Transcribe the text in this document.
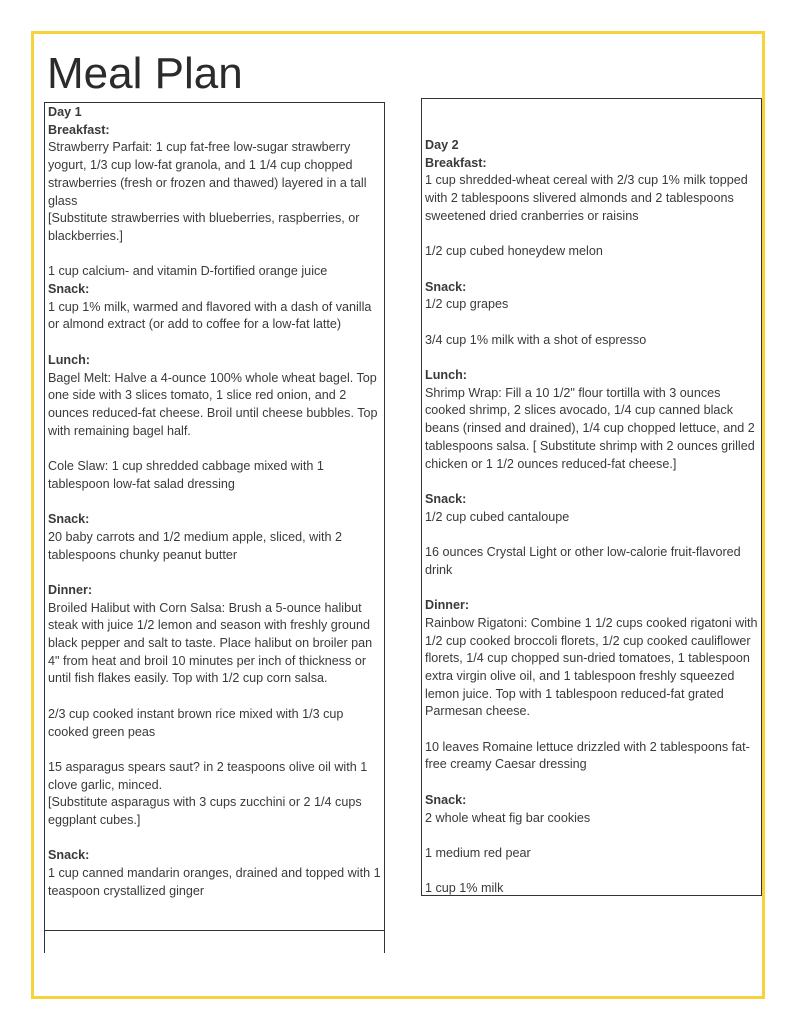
Meal Plan

Day 1

Breakfast:

Strawberry Parfait: 1 cup fat-free low-sugar strawberry yogurt, 1/3 cup low-fat granola, and 1 1/4 cup chopped strawberries (fresh or frozen and thawed) layered in a tall glass

[Substitute strawberries with blueberries, raspberries, or blackberries.]

1 cup calcium- and vitamin D-fortified orange juice

Snack:

1 cup 1% milk, warmed and flavored with a dash of vanilla or almond extract (or add to coffee for a low-fat latte)

Lunch:

Bagel Melt: Halve a 4-ounce 100% whole wheat bagel. Top one side with 3 slices tomato, 1 slice red onion, and 2 ounces reduced-fat cheese. Broil until cheese bubbles. Top with remaining bagel half.

Cole Slaw: 1 cup shredded cabbage mixed with 1 tablespoon low-fat salad dressing

Snack:

20 baby carrots and 1/2 medium apple, sliced, with 2 tablespoons chunky peanut butter

Dinner:

Broiled Halibut with Corn Salsa: Brush a 5-ounce halibut steak with juice 1/2 lemon and season with freshly ground black pepper and salt to taste. Place halibut on broiler pan 4" from heat and broil 10 minutes per inch of thickness or until fish flakes easily. Top with 1/2 cup corn salsa.

2/3 cup cooked instant brown rice mixed with 1/3 cup cooked green peas

15 asparagus spears saut? in 2 teaspoons olive oil with 1 clove garlic, minced.

[Substitute asparagus with 3 cups zucchini or 2 1/4 cups eggplant cubes.]

Snack:

1 cup canned mandarin oranges, drained and topped with 1 teaspoon crystallized ginger

Day 2

Breakfast:

1 cup shredded-wheat cereal with 2/3 cup 1% milk topped with 2 tablespoons slivered almonds and 2 tablespoons sweetened dried cranberries or raisins

1/2 cup cubed honeydew melon

Snack:

1/2 cup grapes

3/4 cup 1% milk with a shot of espresso

Lunch:

Shrimp Wrap: Fill a 10 1/2" flour tortilla with 3 ounces cooked shrimp, 2 slices avocado, 1/4 cup canned black beans (rinsed and drained), 1/4 cup chopped lettuce, and 2 tablespoons salsa. [ Substitute shrimp with 2 ounces grilled chicken or 1 1/2 ounces reduced-fat cheese.]

Snack:

1/2 cup cubed cantaloupe

16 ounces Crystal Light or other low-calorie fruit-flavored drink

Dinner:

Rainbow Rigatoni: Combine 1 1/2 cups cooked rigatoni with 1/2 cup cooked broccoli florets, 1/2 cup cooked cauliflower florets, 1/4 cup chopped sun-dried tomatoes, 1 tablespoon extra virgin olive oil, and 1 tablespoon freshly squeezed lemon juice. Top with 1 tablespoon reduced-fat grated Parmesan cheese.

10 leaves Romaine lettuce drizzled with 2 tablespoons fat-free creamy Caesar dressing

Snack:

2 whole wheat fig bar cookies

1 medium red pear

1 cup 1% milk
